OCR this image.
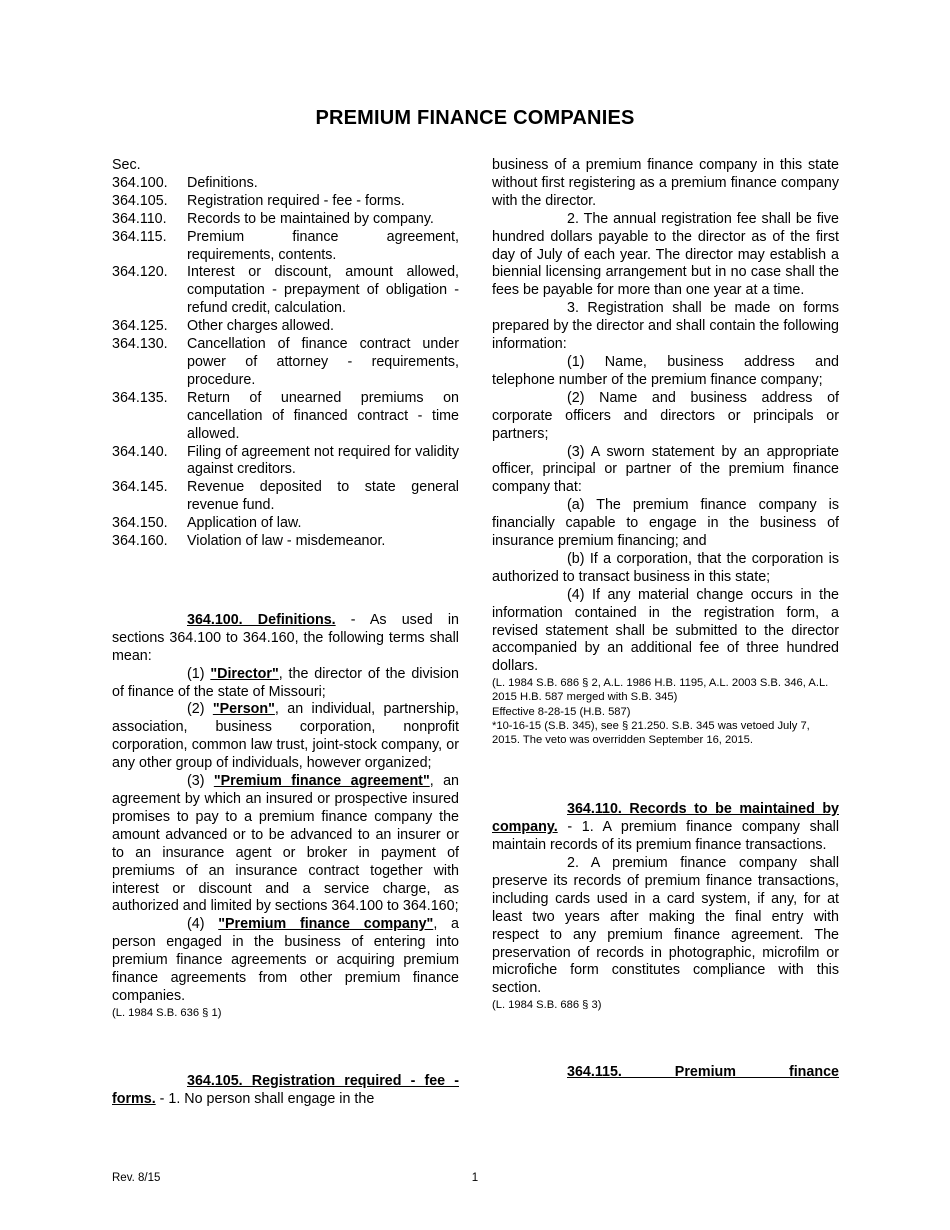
PREMIUM FINANCE COMPANIES
Sec.
364.100.	Definitions.
364.105.	Registration required - fee - forms.
364.110.	Records to be maintained by company.
364.115.	Premium finance agreement, requirements, contents.
364.120.	Interest or discount, amount allowed, computation - prepayment of obligation - refund credit, calculation.
364.125.	Other charges allowed.
364.130.	Cancellation of finance contract under power of attorney - requirements, procedure.
364.135.	Return of unearned premiums on cancellation of financed contract - time allowed.
364.140.	Filing of agreement not required for validity against creditors.
364.145.	Revenue deposited to state general revenue fund.
364.150.	Application of law.
364.160.	Violation of law - misdemeanor.

364.100. Definitions. - As used in sections 364.100 to 364.160, the following terms shall mean:

(1) "Director", the director of the division of finance of the state of Missouri;

(2) "Person", an individual, partnership, association, business corporation, nonprofit corporation, common law trust, joint-stock company, or any other group of individuals, however organized;

(3) "Premium finance agreement", an agreement by which an insured or prospective insured promises to pay to a premium finance company the amount advanced or to be advanced to an insurer or to an insurance agent or broker in payment of premiums of an insurance contract together with interest or discount and a service charge, as authorized and limited by sections 364.100 to 364.160;

(4) "Premium finance company", a person engaged in the business of entering into premium finance agreements or acquiring premium finance agreements from other premium finance companies.

(L. 1984 S.B. 636 § 1)

364.105. Registration required - fee - forms. - 1. No person shall engage in the

business of a premium finance company in this state without first registering as a premium finance company with the director.

2. The annual registration fee shall be five hundred dollars payable to the director as of the first day of July of each year. The director may establish a biennial licensing arrangement but in no case shall the fees be payable for more than one year at a time.

3. Registration shall be made on forms prepared by the director and shall contain the following information:

(1) Name, business address and telephone number of the premium finance company;

(2) Name and business address of corporate officers and directors or principals or partners;

(3) A sworn statement by an appropriate officer, principal or partner of the premium finance company that:

(a) The premium finance company is financially capable to engage in the business of insurance premium financing; and

(b) If a corporation, that the corporation is authorized to transact business in this state;

(4) If any material change occurs in the information contained in the registration form, a revised statement shall be submitted to the director accompanied by an additional fee of three hundred dollars.

(L. 1984 S.B. 686 § 2, A.L. 1986 H.B. 1195, A.L. 2003 S.B. 346, A.L. 2015 H.B. 587 merged with S.B. 345)

Effective 8-28-15 (H.B. 587)

*10-16-15 (S.B. 345), see § 21.250. S.B. 345 was vetoed July 7, 2015. The veto was overridden September 16, 2015.

364.110. Records to be maintained by company. - 1. A premium finance company shall maintain records of its premium finance transactions.

2. A premium finance company shall preserve its records of premium finance transactions, including cards used in a card system, if any, for at least two years after making the final entry with respect to any premium finance agreement. The preservation of records in photographic, microfilm or microfiche form constitutes compliance with this section.

(L. 1984 S.B. 686 § 3)

364.115.          Premium          finance

Rev. 8/15	1
